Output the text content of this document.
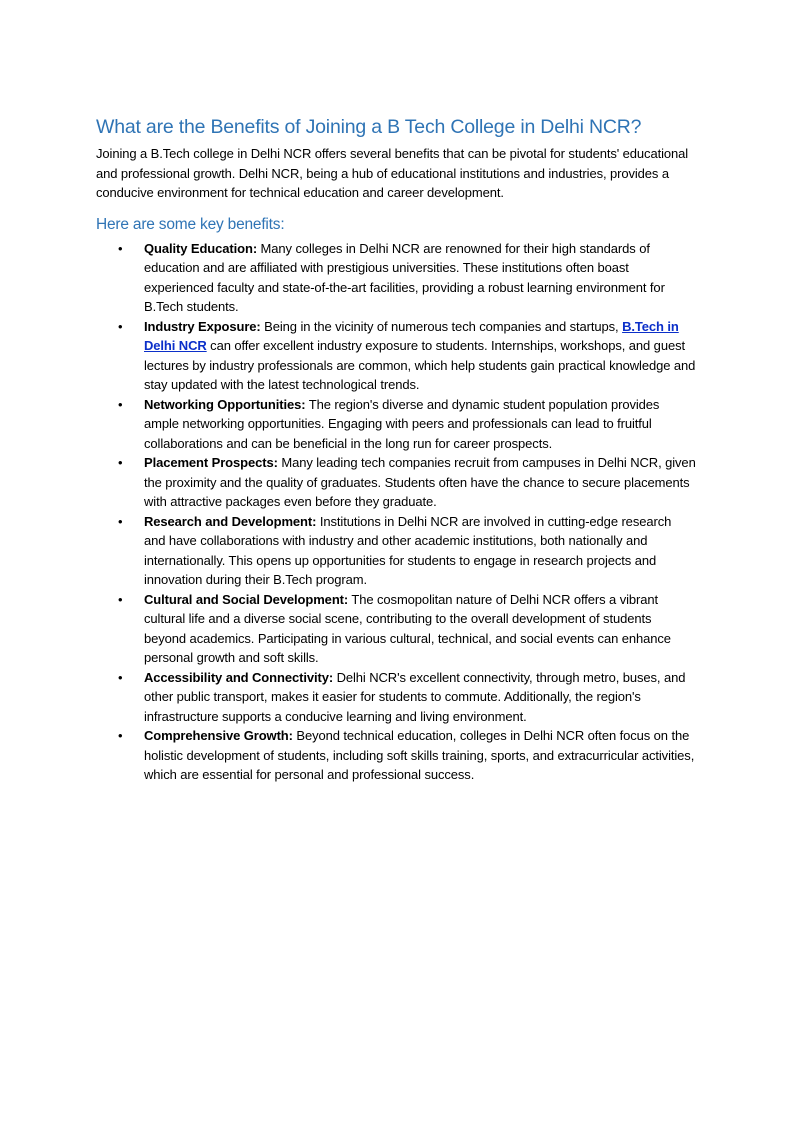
What are the Benefits of Joining a B Tech College in Delhi NCR?

Joining a B.Tech college in Delhi NCR offers several benefits that can be pivotal for students' educational and professional growth. Delhi NCR, being a hub of educational institutions and industries, provides a conducive environment for technical education and career development.

Here are some key benefits:
• Quality Education: Many colleges in Delhi NCR are renowned for their high standards of education and are affiliated with prestigious universities. These institutions often boast experienced faculty and state-of-the-art facilities, providing a robust learning environment for B.Tech students.
• Industry Exposure: Being in the vicinity of numerous tech companies and startups, B.Tech in Delhi NCR can offer excellent industry exposure to students. Internships, workshops, and guest lectures by industry professionals are common, which help students gain practical knowledge and stay updated with the latest technological trends.
• Networking Opportunities: The region's diverse and dynamic student population provides ample networking opportunities. Engaging with peers and professionals can lead to fruitful collaborations and can be beneficial in the long run for career prospects.
• Placement Prospects: Many leading tech companies recruit from campuses in Delhi NCR, given the proximity and the quality of graduates. Students often have the chance to secure placements with attractive packages even before they graduate.
• Research and Development: Institutions in Delhi NCR are involved in cutting-edge research and have collaborations with industry and other academic institutions, both nationally and internationally. This opens up opportunities for students to engage in research projects and innovation during their B.Tech program.
• Cultural and Social Development: The cosmopolitan nature of Delhi NCR offers a vibrant cultural life and a diverse social scene, contributing to the overall development of students beyond academics. Participating in various cultural, technical, and social events can enhance personal growth and soft skills.
• Accessibility and Connectivity: Delhi NCR's excellent connectivity, through metro, buses, and other public transport, makes it easier for students to commute. Additionally, the region's infrastructure supports a conducive learning and living environment.
• Comprehensive Growth: Beyond technical education, colleges in Delhi NCR often focus on the holistic development of students, including soft skills training, sports, and extracurricular activities, which are essential for personal and professional success.
